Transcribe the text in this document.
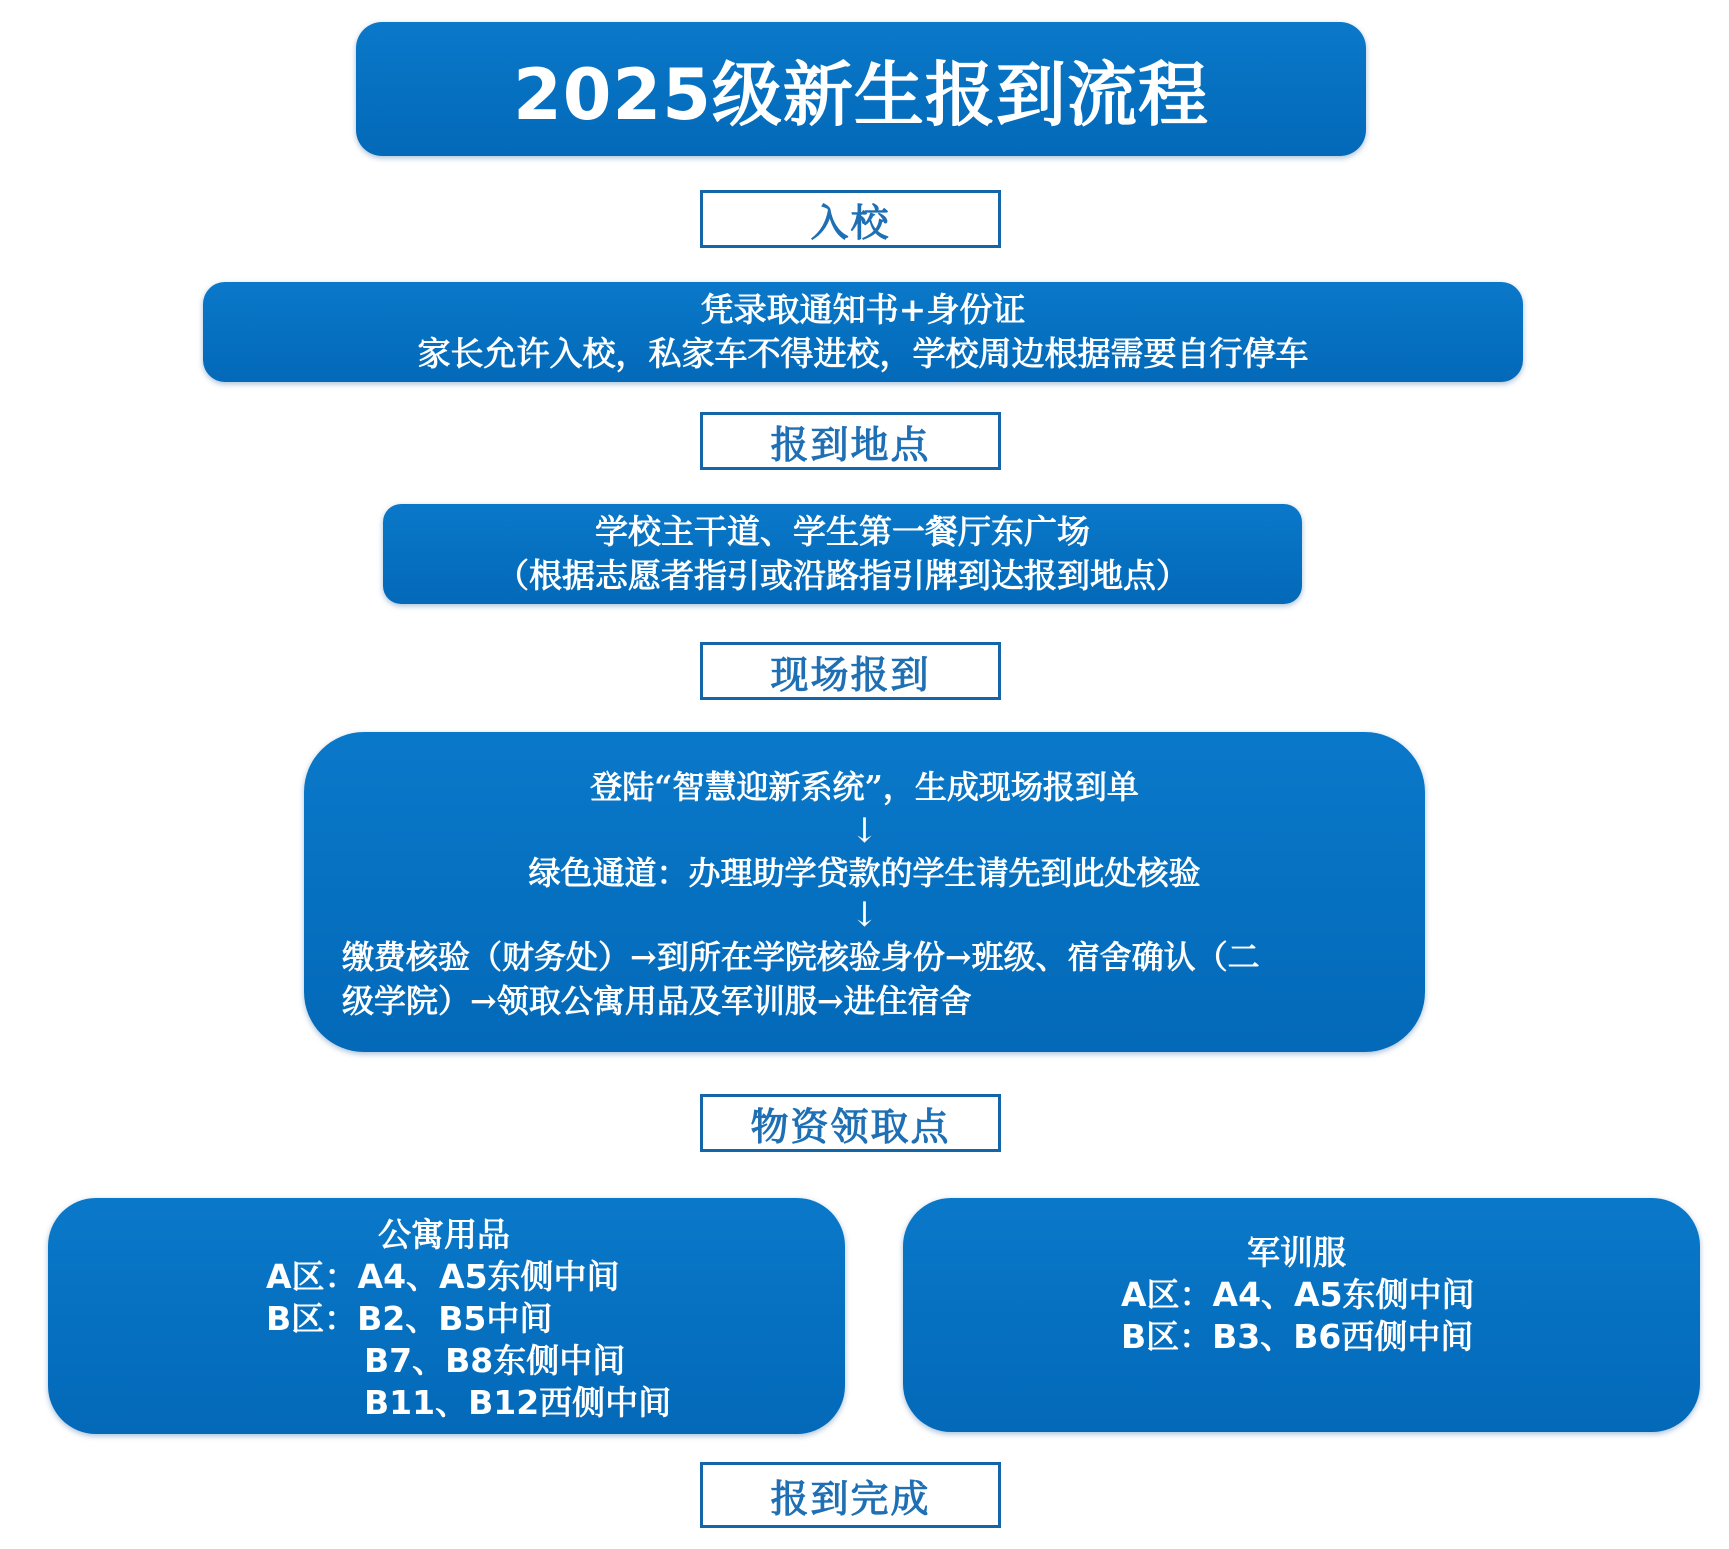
2025级新生报到流程
入校
凭录取通知书+身份证
家长允许入校，私家车不得进校，学校周边根据需要自行停车
报到地点
学校主干道、学生第一餐厅东广场
（根据志愿者指引或沿路指引牌到达报到地点）
现场报到
登陆“智慧迎新系统”，生成现场报到单
↓
绿色通道：办理助学贷款的学生请先到此处核验
↓
缴费核验（财务处）→到所在学院核验身份→班级、宿舍确认（二
级学院）→领取公寓用品及军训服→进住宿舍
物资领取点
公寓用品
A区：A4、A5东侧中间
B区：B2、B5中间
B7、B8东侧中间
B11、B12西侧中间
军训服
A区：A4、A5东侧中间
B区：B3、B6西侧中间
报到完成
